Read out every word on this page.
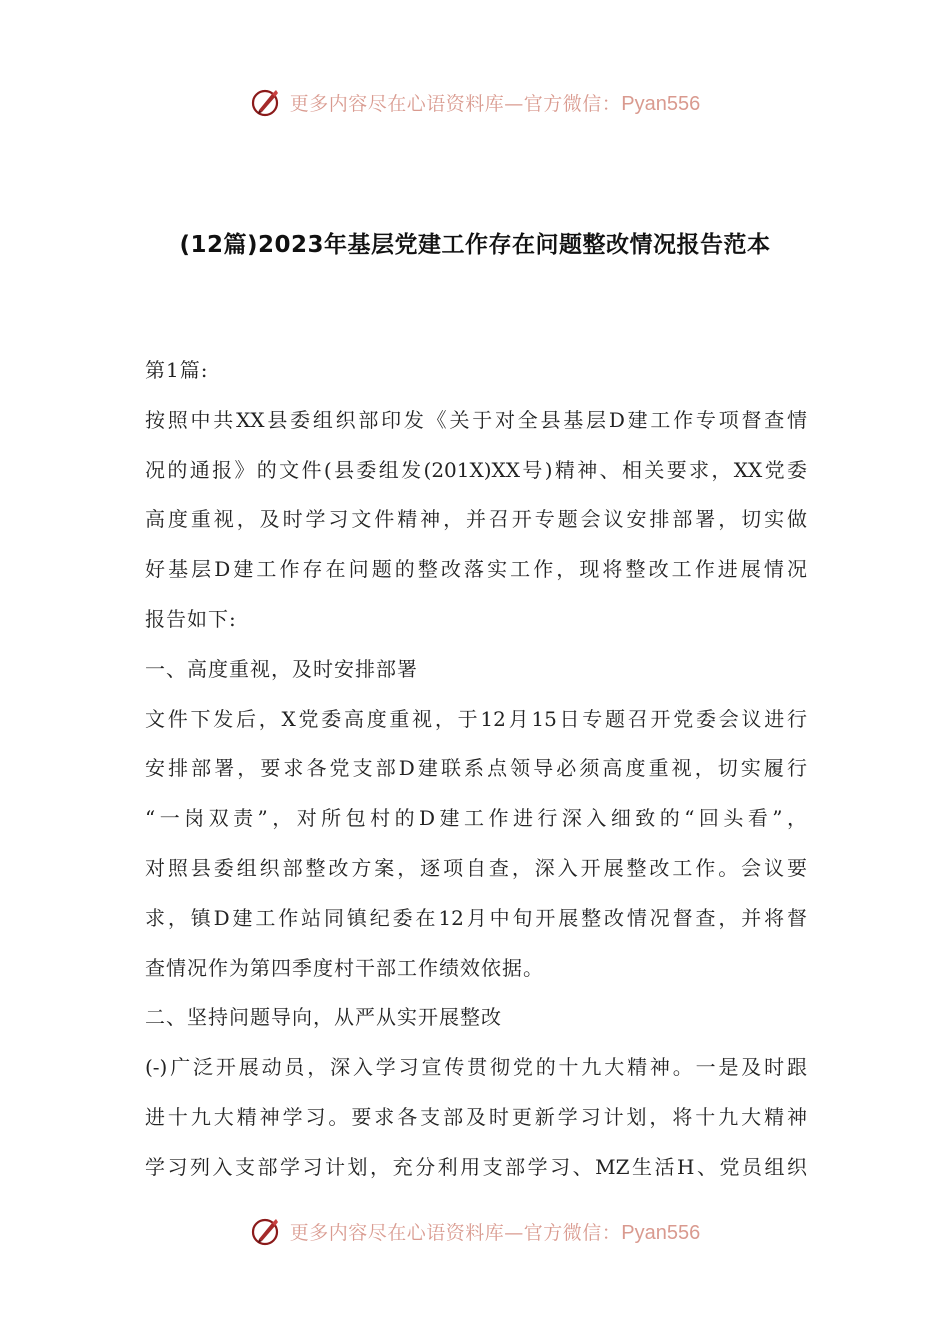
更多内容尽在心语资料库—官方微信：Pyan556
(12篇)2023年基层党建工作存在问题整改情况报告范本
第1篇:
按照中共XX县委组织部印发《关于对全县基层D建工作专项督查情
况的通报》的文件(县委组发(201X)XX号)精神、相关要求，XX党委
高度重视，及时学习文件精神，并召开专题会议安排部署，切实做
好基层D建工作存在问题的整改落实工作，现将整改工作进展情况
报告如下:
一、高度重视，及时安排部署
文件下发后，X党委高度重视，于12月15日专题召开党委会议进行
安排部署，要求各党支部D建联系点领导必须高度重视，切实履行
“一岗双责”，对所包村的D建工作进行深入细致的“回头看”，
对照县委组织部整改方案，逐项自查，深入开展整改工作。会议要
求，镇D建工作站同镇纪委在12月中旬开展整改情况督查，并将督
查情况作为第四季度村干部工作绩效依据。
二、坚持问题导向，从严从实开展整改
(-)广泛开展动员，深入学习宣传贯彻党的十九大精神。一是及时跟
进十九大精神学习。要求各支部及时更新学习计划，将十九大精神
学习列入支部学习计划，充分利用支部学习、MZ生活H、党员组织
更多内容尽在心语资料库—官方微信：Pyan556
